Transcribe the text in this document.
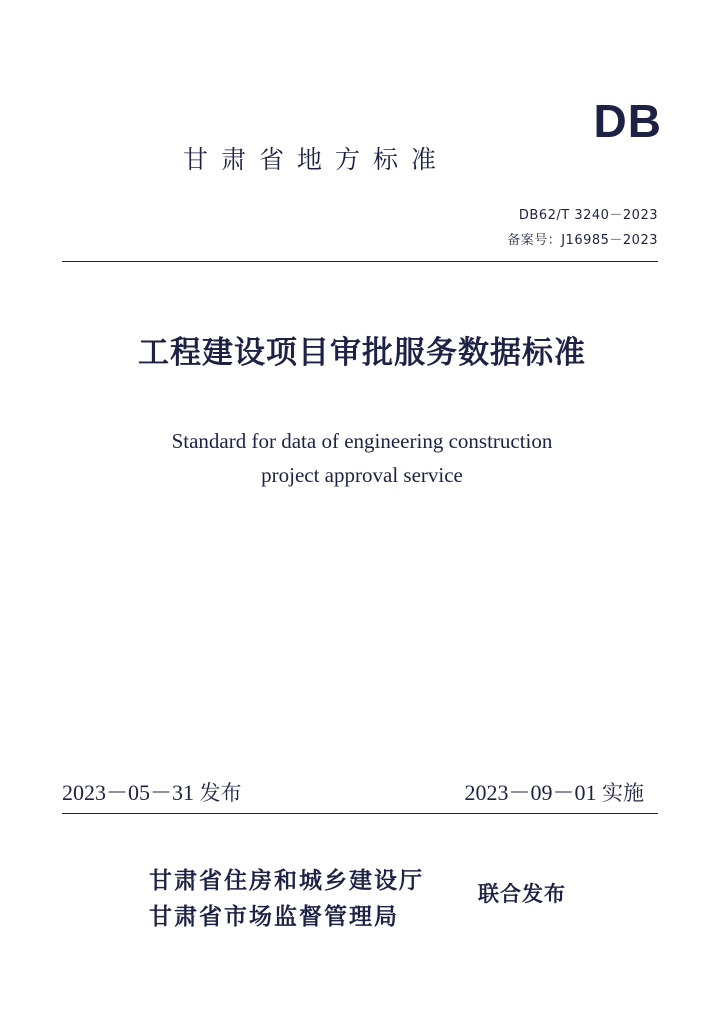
DB
甘肃省地方标准
DB62/T 3240－2023
备案号：J16985－2023
工程建设项目审批服务数据标准
Standard for data of engineering construction
project approval service
2023－05－31 发布	2023－09－01 实施
甘肃省住房和城乡建设厅
甘肃省市场监督管理局
联合发布
